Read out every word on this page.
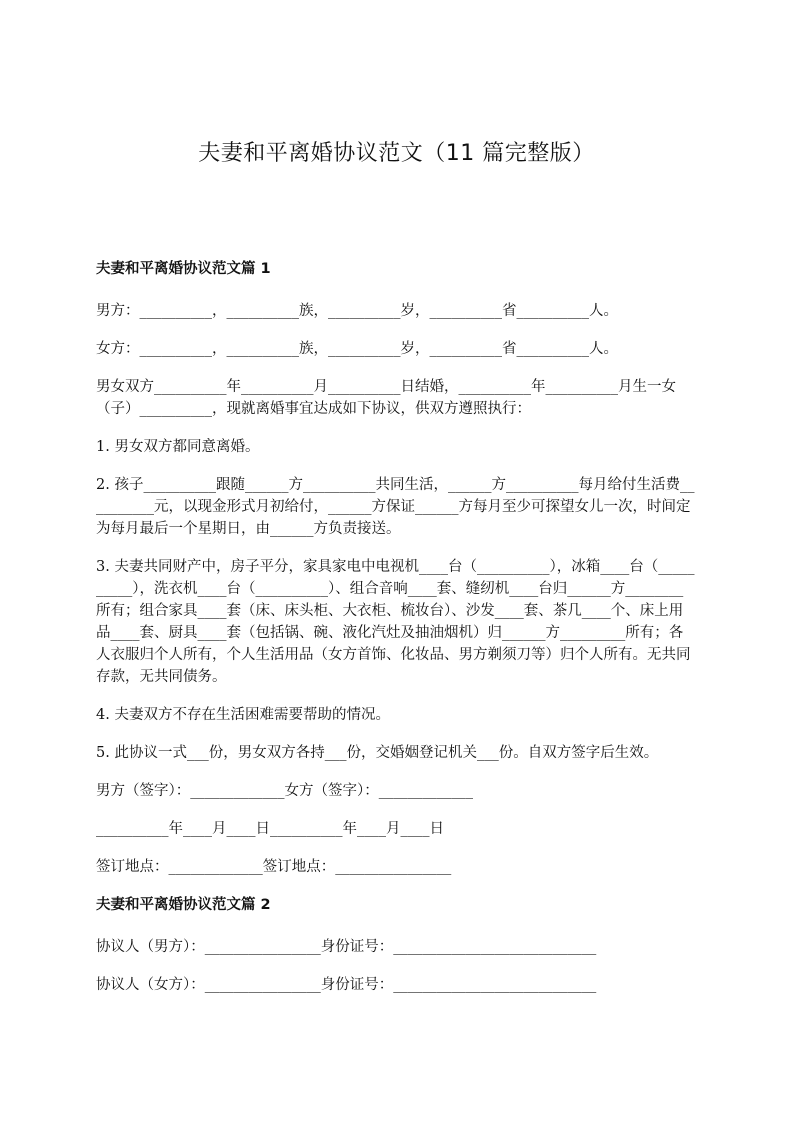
夫妻和平离婚协议范文（11 篇完整版）

夫妻和平离婚协议范文篇 1

男方：__________，__________族，__________岁，__________省__________人。

女方：__________，__________族，__________岁，__________省__________人。

男女双方__________年__________月__________日结婚，__________年__________月生一女（子）__________，现就离婚事宜达成如下协议，供双方遵照执行：

1. 男女双方都同意离婚。

2. 孩子__________跟随______方__________共同生活，______方__________每月给付生活费__________元，以现金形式月初给付，______方保证______方每月至少可探望女儿一次，时间定为每月最后一个星期日，由______方负责接送。

3. 夫妻共同财产中，房子平分，家具家电中电视机____台（__________），冰箱____台（__________），洗衣机____台（__________）、组合音响____套、缝纫机____台归______方________所有；组合家具____套（床、床头柜、大衣柜、梳妆台）、沙发____套、茶几____个、床上用品____套、厨具____套（包括锅、碗、液化汽灶及抽油烟机）归______方_________所有；各人衣服归个人所有，个人生活用品（女方首饰、化妆品、男方剃须刀等）归个人所有。无共同存款，无共同债务。

4. 夫妻双方不存在生活困难需要帮助的情况。

5. 此协议一式___份，男女双方各持___份，交婚姻登记机关___份。自双方签字后生效。

男方（签字）：_____________女方（签字）：_____________

__________年____月____日__________年____月____日

签订地点：_____________签订地点：________________

夫妻和平离婚协议范文篇 2

协议人（男方）：________________身份证号：____________________________

协议人（女方）：________________身份证号：____________________________
